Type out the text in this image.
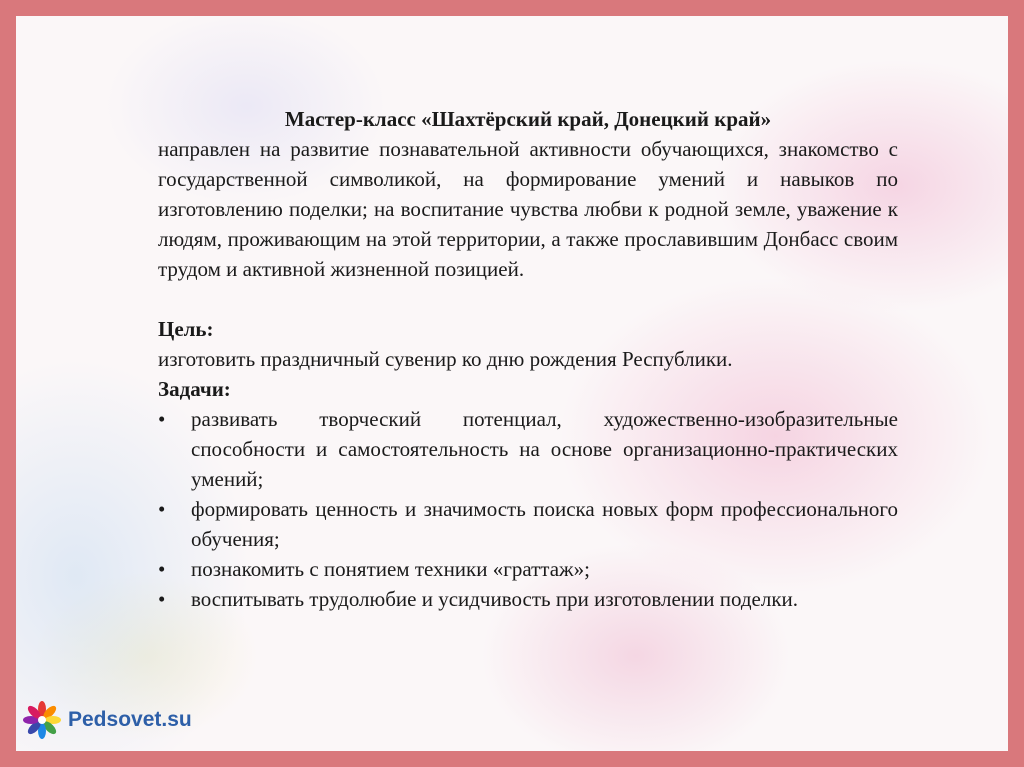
Мастер-класс «Шахтёрский край, Донецкий край»
направлен на развитие познавательной активности обучающихся, знакомство с государственной символикой, на формирование умений и навыков по изготовлению поделки; на воспитание чувства любви к родной земле, уважение к людям, проживающим на этой территории, а также прославившим Донбасс своим трудом и активной жизненной позицией.
Цель:
изготовить праздничный сувенир ко дню рождения Республики.
Задачи:
• развивать творческий потенциал, художественно-изобразительные способности и самостоятельность на основе организационно-практических умений;
• формировать ценность и значимость поиска новых форм профессионального обучения;
• познакомить с понятием техники «граттаж»;
• воспитывать трудолюбие и усидчивость при изготовлении поделки.
Pedsovet.su
